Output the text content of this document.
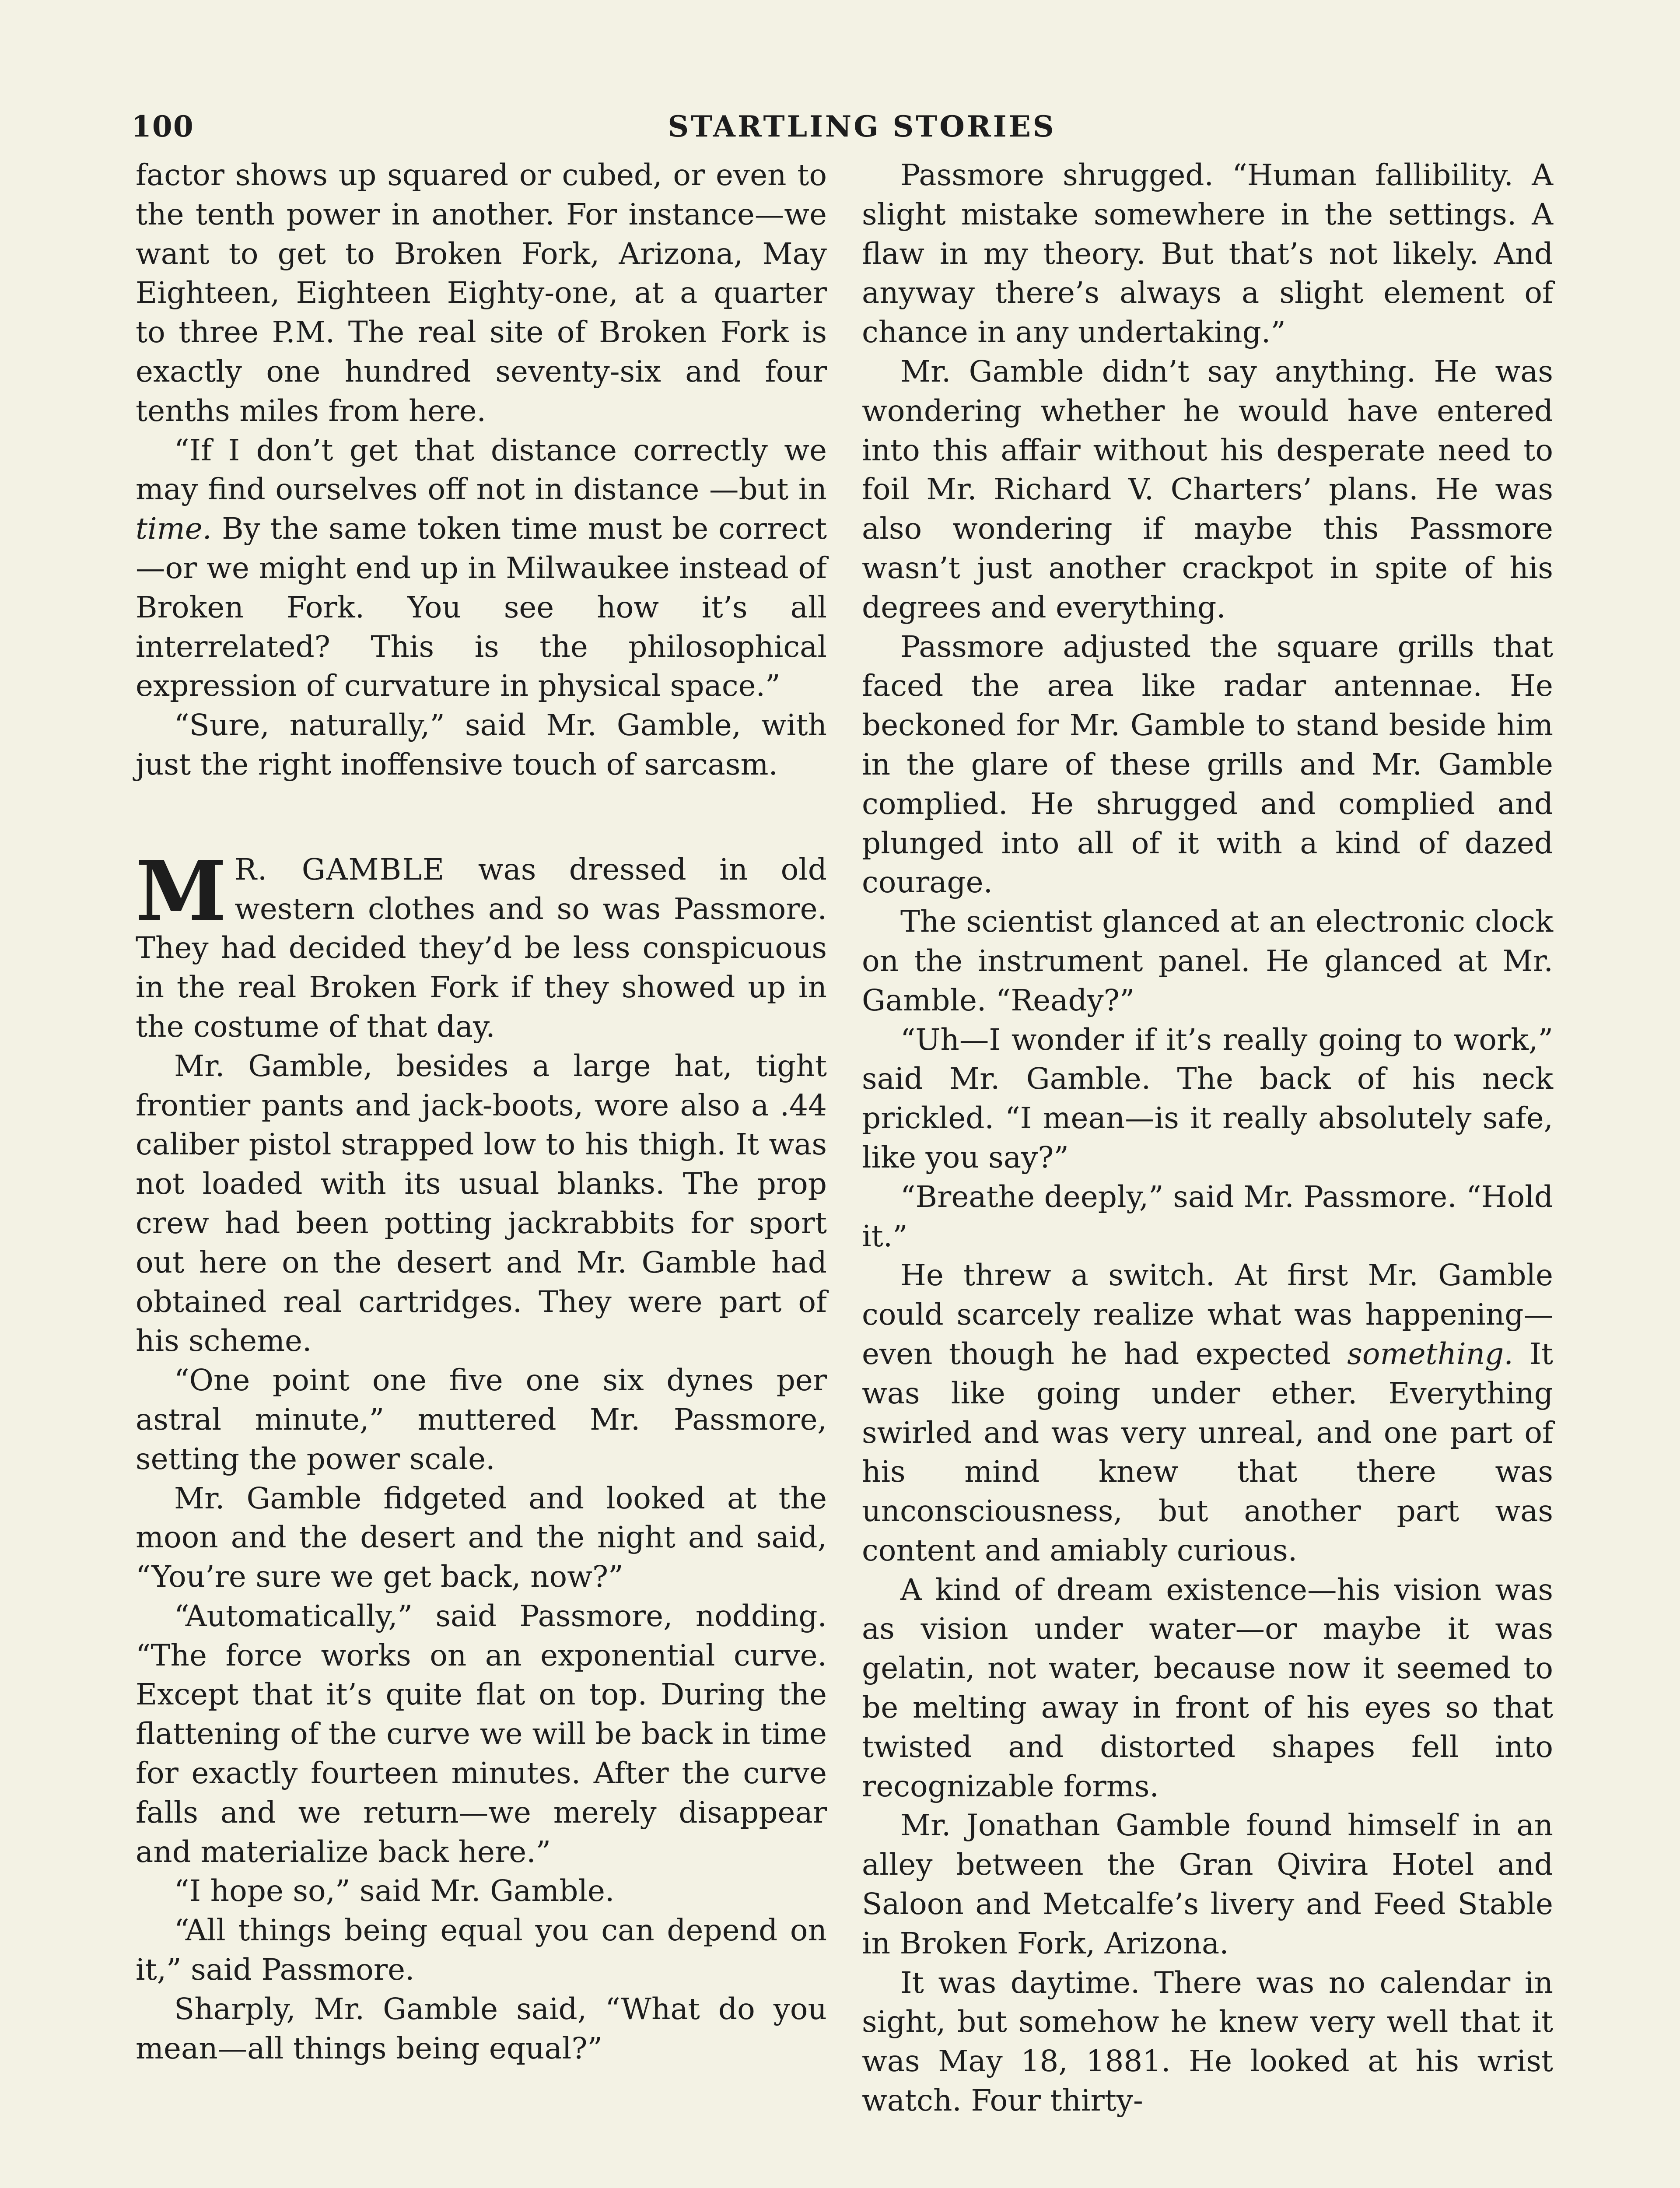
100	STARTLING STORIES

factor shows up squared or cubed, or even to the tenth power in another. For instance—we want to get to Broken Fork, Arizona, May Eighteen, Eighteen Eighty-one, at a quarter to three P.M. The real site of Broken Fork is exactly one hundred seventy-six and four tenths miles from here.

“If I don’t get that distance correctly we may find ourselves off not in distance —but in time. By the same token time must be correct—or we might end up in Milwaukee instead of Broken Fork. You see how it’s all interrelated? This is the philosophical expression of curvature in physical space.”

“Sure, naturally,” said Mr. Gamble, with just the right inoffensive touch of sarcasm.

M R. GAMBLE was dressed in old western clothes and so was Passmore. They had decided they’d be less conspicuous in the real Broken Fork if they showed up in the costume of that day.

Mr. Gamble, besides a large hat, tight frontier pants and jack-boots, wore also a .44 caliber pistol strapped low to his thigh. It was not loaded with its usual blanks. The prop crew had been potting jackrabbits for sport out here on the desert and Mr. Gamble had obtained real cartridges. They were part of his scheme.

“One point one five one six dynes per astral minute,” muttered Mr. Passmore, setting the power scale.

Mr. Gamble fidgeted and looked at the moon and the desert and the night and said, “You’re sure we get back, now?”

“Automatically,” said Passmore, nodding. “The force works on an exponential curve. Except that it’s quite flat on top. During the flattening of the curve we will be back in time for exactly fourteen minutes. After the curve falls and we return—we merely disappear and materialize back here.”

“I hope so,” said Mr. Gamble.

“All things being equal you can depend on it,” said Passmore.

Sharply, Mr. Gamble said, “What do you mean—all things being equal?”

Passmore shrugged. “Human fallibility. A slight mistake somewhere in the settings. A flaw in my theory. But that’s not likely. And anyway there’s always a slight element of chance in any undertaking.”

Mr. Gamble didn’t say anything. He was wondering whether he would have entered into this affair without his desperate need to foil Mr. Richard V. Charters’ plans. He was also wondering if maybe this Passmore wasn’t just another crackpot in spite of his degrees and everything.

Passmore adjusted the square grills that faced the area like radar antennae. He beckoned for Mr. Gamble to stand beside him in the glare of these grills and Mr. Gamble complied. He shrugged and complied and plunged into all of it with a kind of dazed courage.

The scientist glanced at an electronic clock on the instrument panel. He glanced at Mr. Gamble. “Ready?”

“Uh—I wonder if it’s really going to work,” said Mr. Gamble. The back of his neck prickled. “I mean—is it really absolutely safe, like you say?”

“Breathe deeply,” said Mr. Passmore. “Hold it.”

He threw a switch. At first Mr. Gamble could scarcely realize what was happening—even though he had expected something. It was like going under ether. Everything swirled and was very unreal, and one part of his mind knew that there was unconsciousness, but another part was content and amiably curious.

A kind of dream existence—his vision was as vision under water—or maybe it was gelatin, not water, because now it seemed to be melting away in front of his eyes so that twisted and distorted shapes fell into recognizable forms.

Mr. Jonathan Gamble found himself in an alley between the Gran Qivira Hotel and Saloon and Metcalfe’s livery and Feed Stable in Broken Fork, Arizona.

It was daytime. There was no calendar in sight, but somehow he knew very well that it was May 18, 1881. He looked at his wrist watch. Four thirty-
